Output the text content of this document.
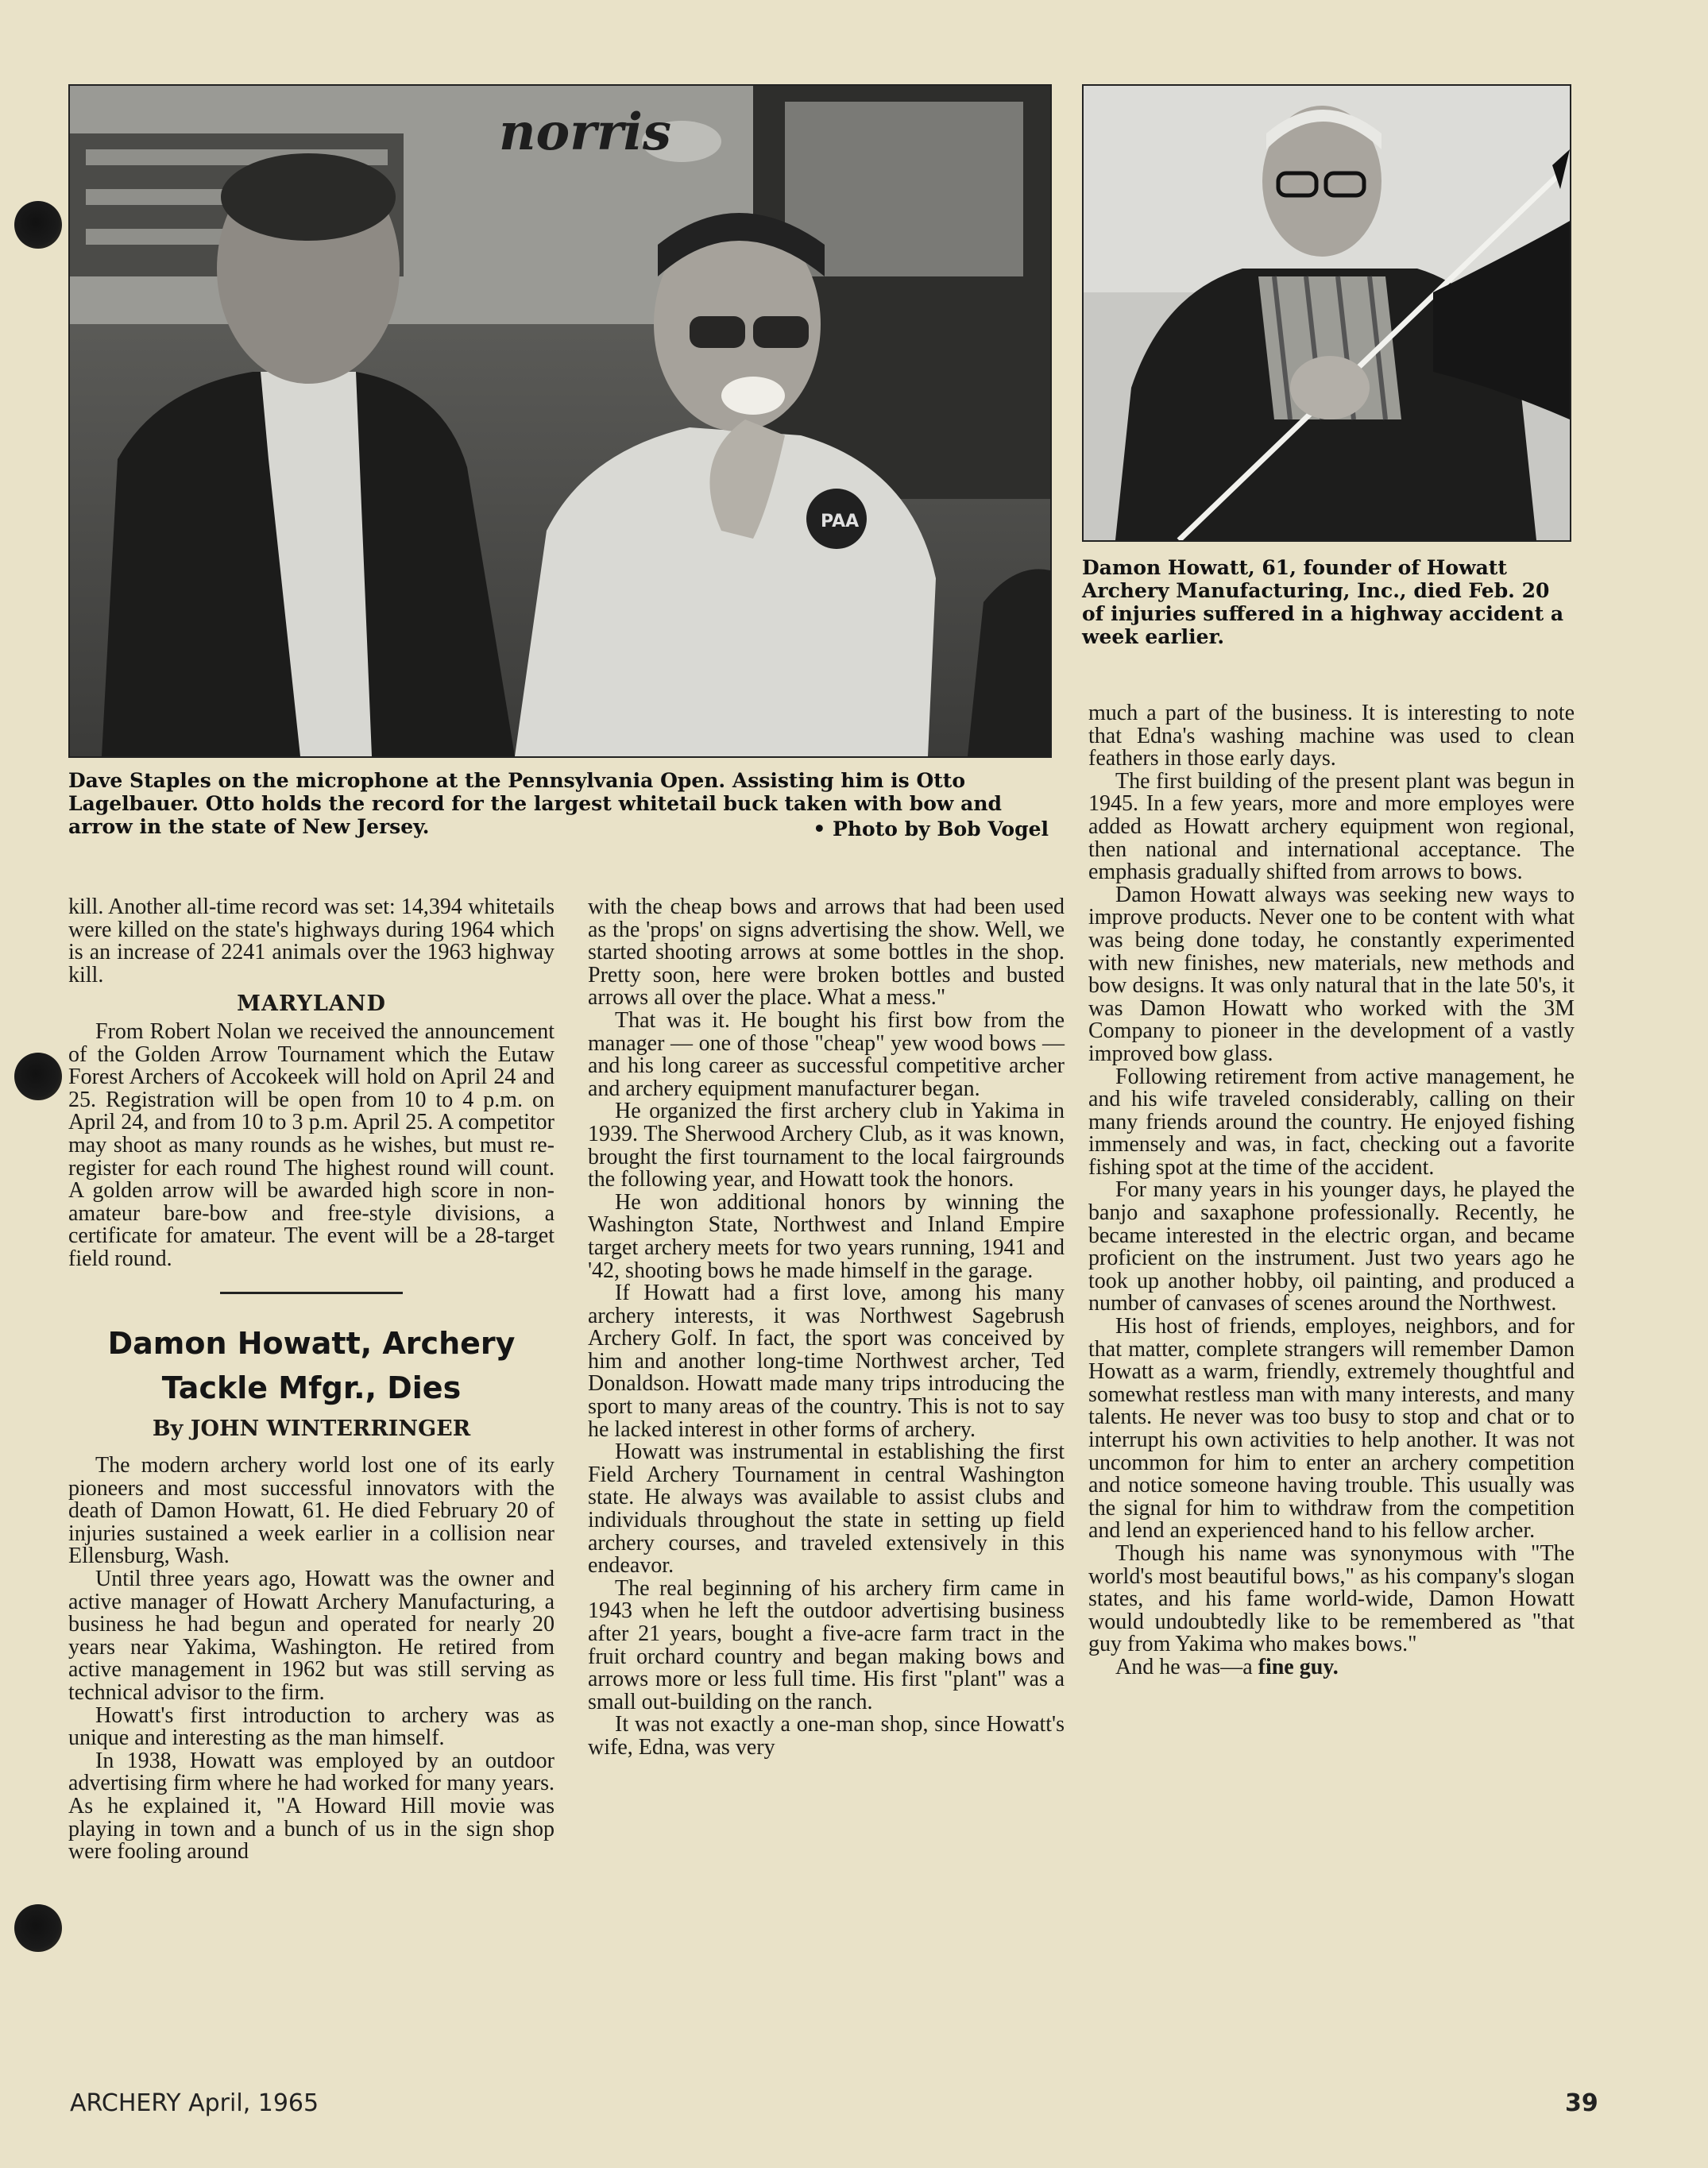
norris
PAA

Dave Staples on the microphone at the Pennsylvania Open. Assisting him is Otto Lagelbauer. Otto holds the record for the largest whitetail buck taken with bow and arrow in the state of New Jersey.	• Photo by Bob Vogel

Damon Howatt, 61, founder of Howatt Archery Manufacturing, Inc., died Feb. 20 of injuries suffered in a highway accident a week earlier.

kill. Another all-time record was set: 14,394 whitetails were killed on the state's highways during 1964 which is an increase of 2241 animals over the 1963 highway kill.

MARYLAND

From Robert Nolan we received the announcement of the Golden Arrow Tournament which the Eutaw Forest Archers of Accokeek will hold on April 24 and 25. Registration will be open from 10 to 4 p.m. on April 24, and from 10 to 3 p.m. April 25. A competitor may shoot as many rounds as he wishes, but must re-register for each round The highest round will count. A golden arrow will be awarded high score in non-amateur bare-bow and free-style divisions, a certificate for amateur. The event will be a 28-target field round.

Damon Howatt, Archery
Tackle Mfgr., Dies
By JOHN WINTERRINGER

The modern archery world lost one of its early pioneers and most successful innovators with the death of Damon Howatt, 61. He died February 20 of injuries sustained a week earlier in a collision near Ellensburg, Wash.

Until three years ago, Howatt was the owner and active manager of Howatt Archery Manufacturing, a business he had begun and operated for nearly 20 years near Yakima, Washington. He retired from active management in 1962 but was still serving as technical advisor to the firm.

Howatt's first introduction to archery was as unique and interesting as the man himself.

In 1938, Howatt was employed by an outdoor advertising firm where he had worked for many years. As he explained it, "A Howard Hill movie was playing in town and a bunch of us in the sign shop were fooling around

with the cheap bows and arrows that had been used as the 'props' on signs advertising the show. Well, we started shooting arrows at some bottles in the shop. Pretty soon, here were broken bottles and busted arrows all over the place. What a mess."

That was it. He bought his first bow from the manager — one of those "cheap" yew wood bows — and his long career as successful competitive archer and archery equipment manufacturer began.

He organized the first archery club in Yakima in 1939. The Sherwood Archery Club, as it was known, brought the first tournament to the local fairgrounds the following year, and Howatt took the honors.

He won additional honors by winning the Washington State, Northwest and Inland Empire target archery meets for two years running, 1941 and '42, shooting bows he made himself in the garage.

If Howatt had a first love, among his many archery interests, it was Northwest Sagebrush Archery Golf. In fact, the sport was conceived by him and another long-time Northwest archer, Ted Donaldson. Howatt made many trips introducing the sport to many areas of the country. This is not to say he lacked interest in other forms of archery.

Howatt was instrumental in establishing the first Field Archery Tournament in central Washington state. He always was available to assist clubs and individuals throughout the state in setting up field archery courses, and traveled extensively in this endeavor.

The real beginning of his archery firm came in 1943 when he left the outdoor advertising business after 21 years, bought a five-acre farm tract in the fruit orchard country and began making bows and arrows more or less full time. His first "plant" was a small out-building on the ranch.

It was not exactly a one-man shop, since Howatt's wife, Edna, was very

much a part of the business. It is interesting to note that Edna's washing machine was used to clean feathers in those early days.

The first building of the present plant was begun in 1945. In a few years, more and more employes were added as Howatt archery equipment won regional, then national and international acceptance. The emphasis gradually shifted from arrows to bows.

Damon Howatt always was seeking new ways to improve products. Never one to be content with what was being done today, he constantly experimented with new finishes, new materials, new methods and bow designs. It was only natural that in the late 50's, it was Damon Howatt who worked with the 3M Company to pioneer in the development of a vastly improved bow glass.

Following retirement from active management, he and his wife traveled considerably, calling on their many friends around the country. He enjoyed fishing immensely and was, in fact, checking out a favorite fishing spot at the time of the accident.

For many years in his younger days, he played the banjo and saxaphone professionally. Recently, he became interested in the electric organ, and became proficient on the instrument. Just two years ago he took up another hobby, oil painting, and produced a number of canvases of scenes around the Northwest.

His host of friends, employes, neighbors, and for that matter, complete strangers will remember Damon Howatt as a warm, friendly, extremely thoughtful and somewhat restless man with many interests, and many talents. He never was too busy to stop and chat or to interrupt his own activities to help another. It was not uncommon for him to enter an archery competition and notice someone having trouble. This usually was the signal for him to withdraw from the competition and lend an experienced hand to his fellow archer.

Though his name was synonymous with "The world's most beautiful bows," as his company's slogan states, and his fame world-wide, Damon Howatt would undoubtedly like to be remembered as "that guy from Yakima who makes bows."

And he was—a fine guy.

ARCHERY April, 1965	39
